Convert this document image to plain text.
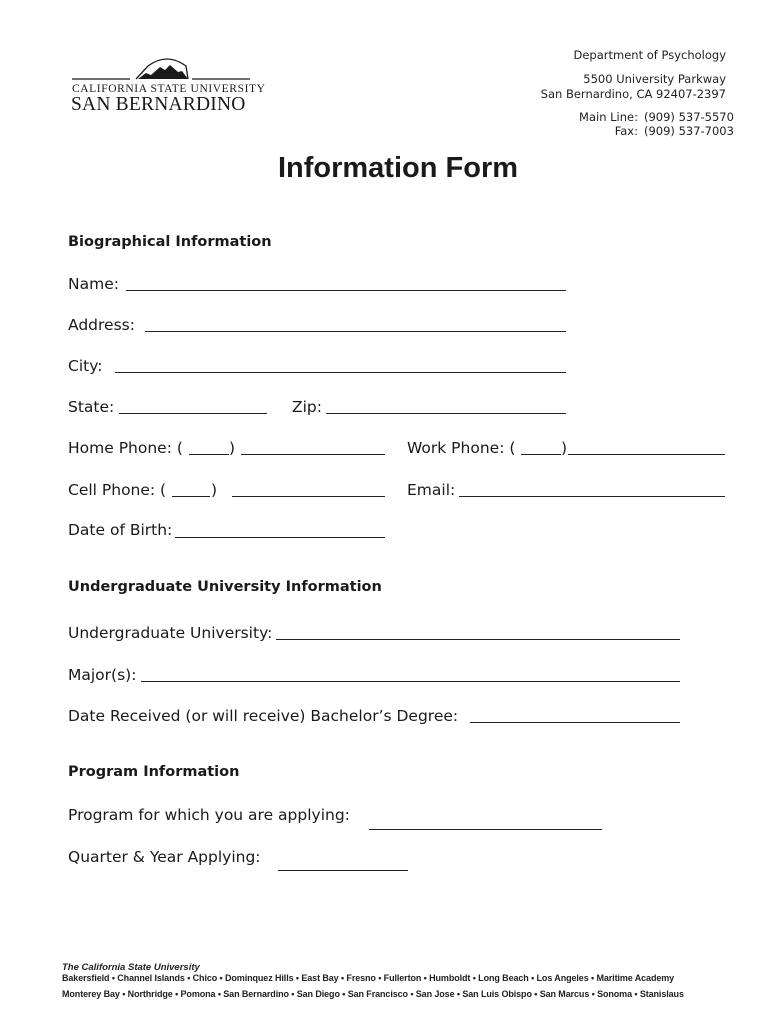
CALIFORNIA STATE UNIVERSITY
SAN BERNARDINO
Department of Psychology
5500 University Parkway
San Bernardino, CA 92407-2397
Main Line: (909) 537-5570
Fax: (909) 537-7003
Information Form
Biographical Information
Name:
Address:
City:
State:	Zip:
Home Phone: (	)	Work Phone: (	)
Cell Phone: (	)	Email:
Date of Birth:
Undergraduate University Information
Undergraduate University:
Major(s):
Date Received (or will receive) Bachelor’s Degree:
Program Information
Program for which you are applying:
Quarter & Year Applying:
The California State University
Bakersfield • Channel Islands • Chico • Dominquez Hills • East Bay • Fresno • Fullerton • Humboldt • Long Beach • Los Angeles • Maritime Academy
Monterey Bay • Northridge • Pomona • San Bernardino • San Diego • San Francisco • San Jose • San Luis Obispo • San Marcus • Sonoma • Stanislaus
